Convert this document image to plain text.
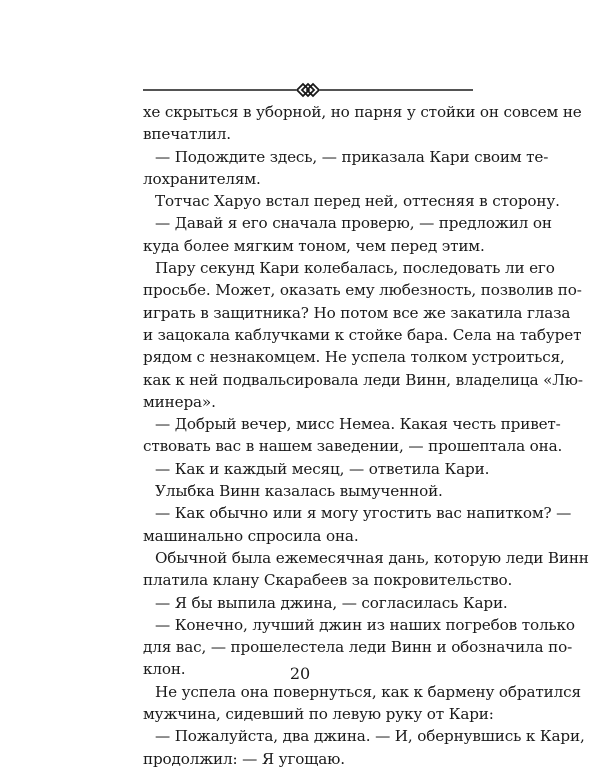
хе скрыться в уборной, но парня у стойки он совсем не
впечатлил.
— Подождите здесь, — приказала Кари своим те-
лохранителям.
Тотчас Харуо встал перед ней, оттесняя в сторону.
— Давай я его сначала проверю, — предложил он
куда более мягким тоном, чем перед этим.
Пару секунд Кари колебалась, последовать ли его
просьбе. Может, оказать ему любезность, позволив по-
играть в защитника? Но потом все же закатила глаза
и зацокала каблучками к стойке бара. Села на табурет
рядом с незнакомцем. Не успела толком устроиться,
как к ней подвальсировала леди Винн, владелица «Лю-
минера».
— Добрый вечер, мисс Немеа. Какая честь привет-
ствовать вас в нашем заведении, — прошептала она.
— Как и каждый месяц, — ответила Кари.
Улыбка Винн казалась вымученной.
— Как обычно или я могу угостить вас напитком? —
машинально спросила она.
Обычной была ежемесячная дань, которую леди Винн
платила клану Скарабеев за покровительство.
— Я бы выпила джина, — согласилась Кари.
— Конечно, лучший джин из наших погребов только
для вас, — прошелестела леди Винн и обозначила по-
клон.
Не успела она повернуться, как к бармену обратился
мужчина, сидевший по левую руку от Кари:
— Пожалуйста, два джина. — И, обернувшись к Кари,
продолжил: — Я угощаю.
20
